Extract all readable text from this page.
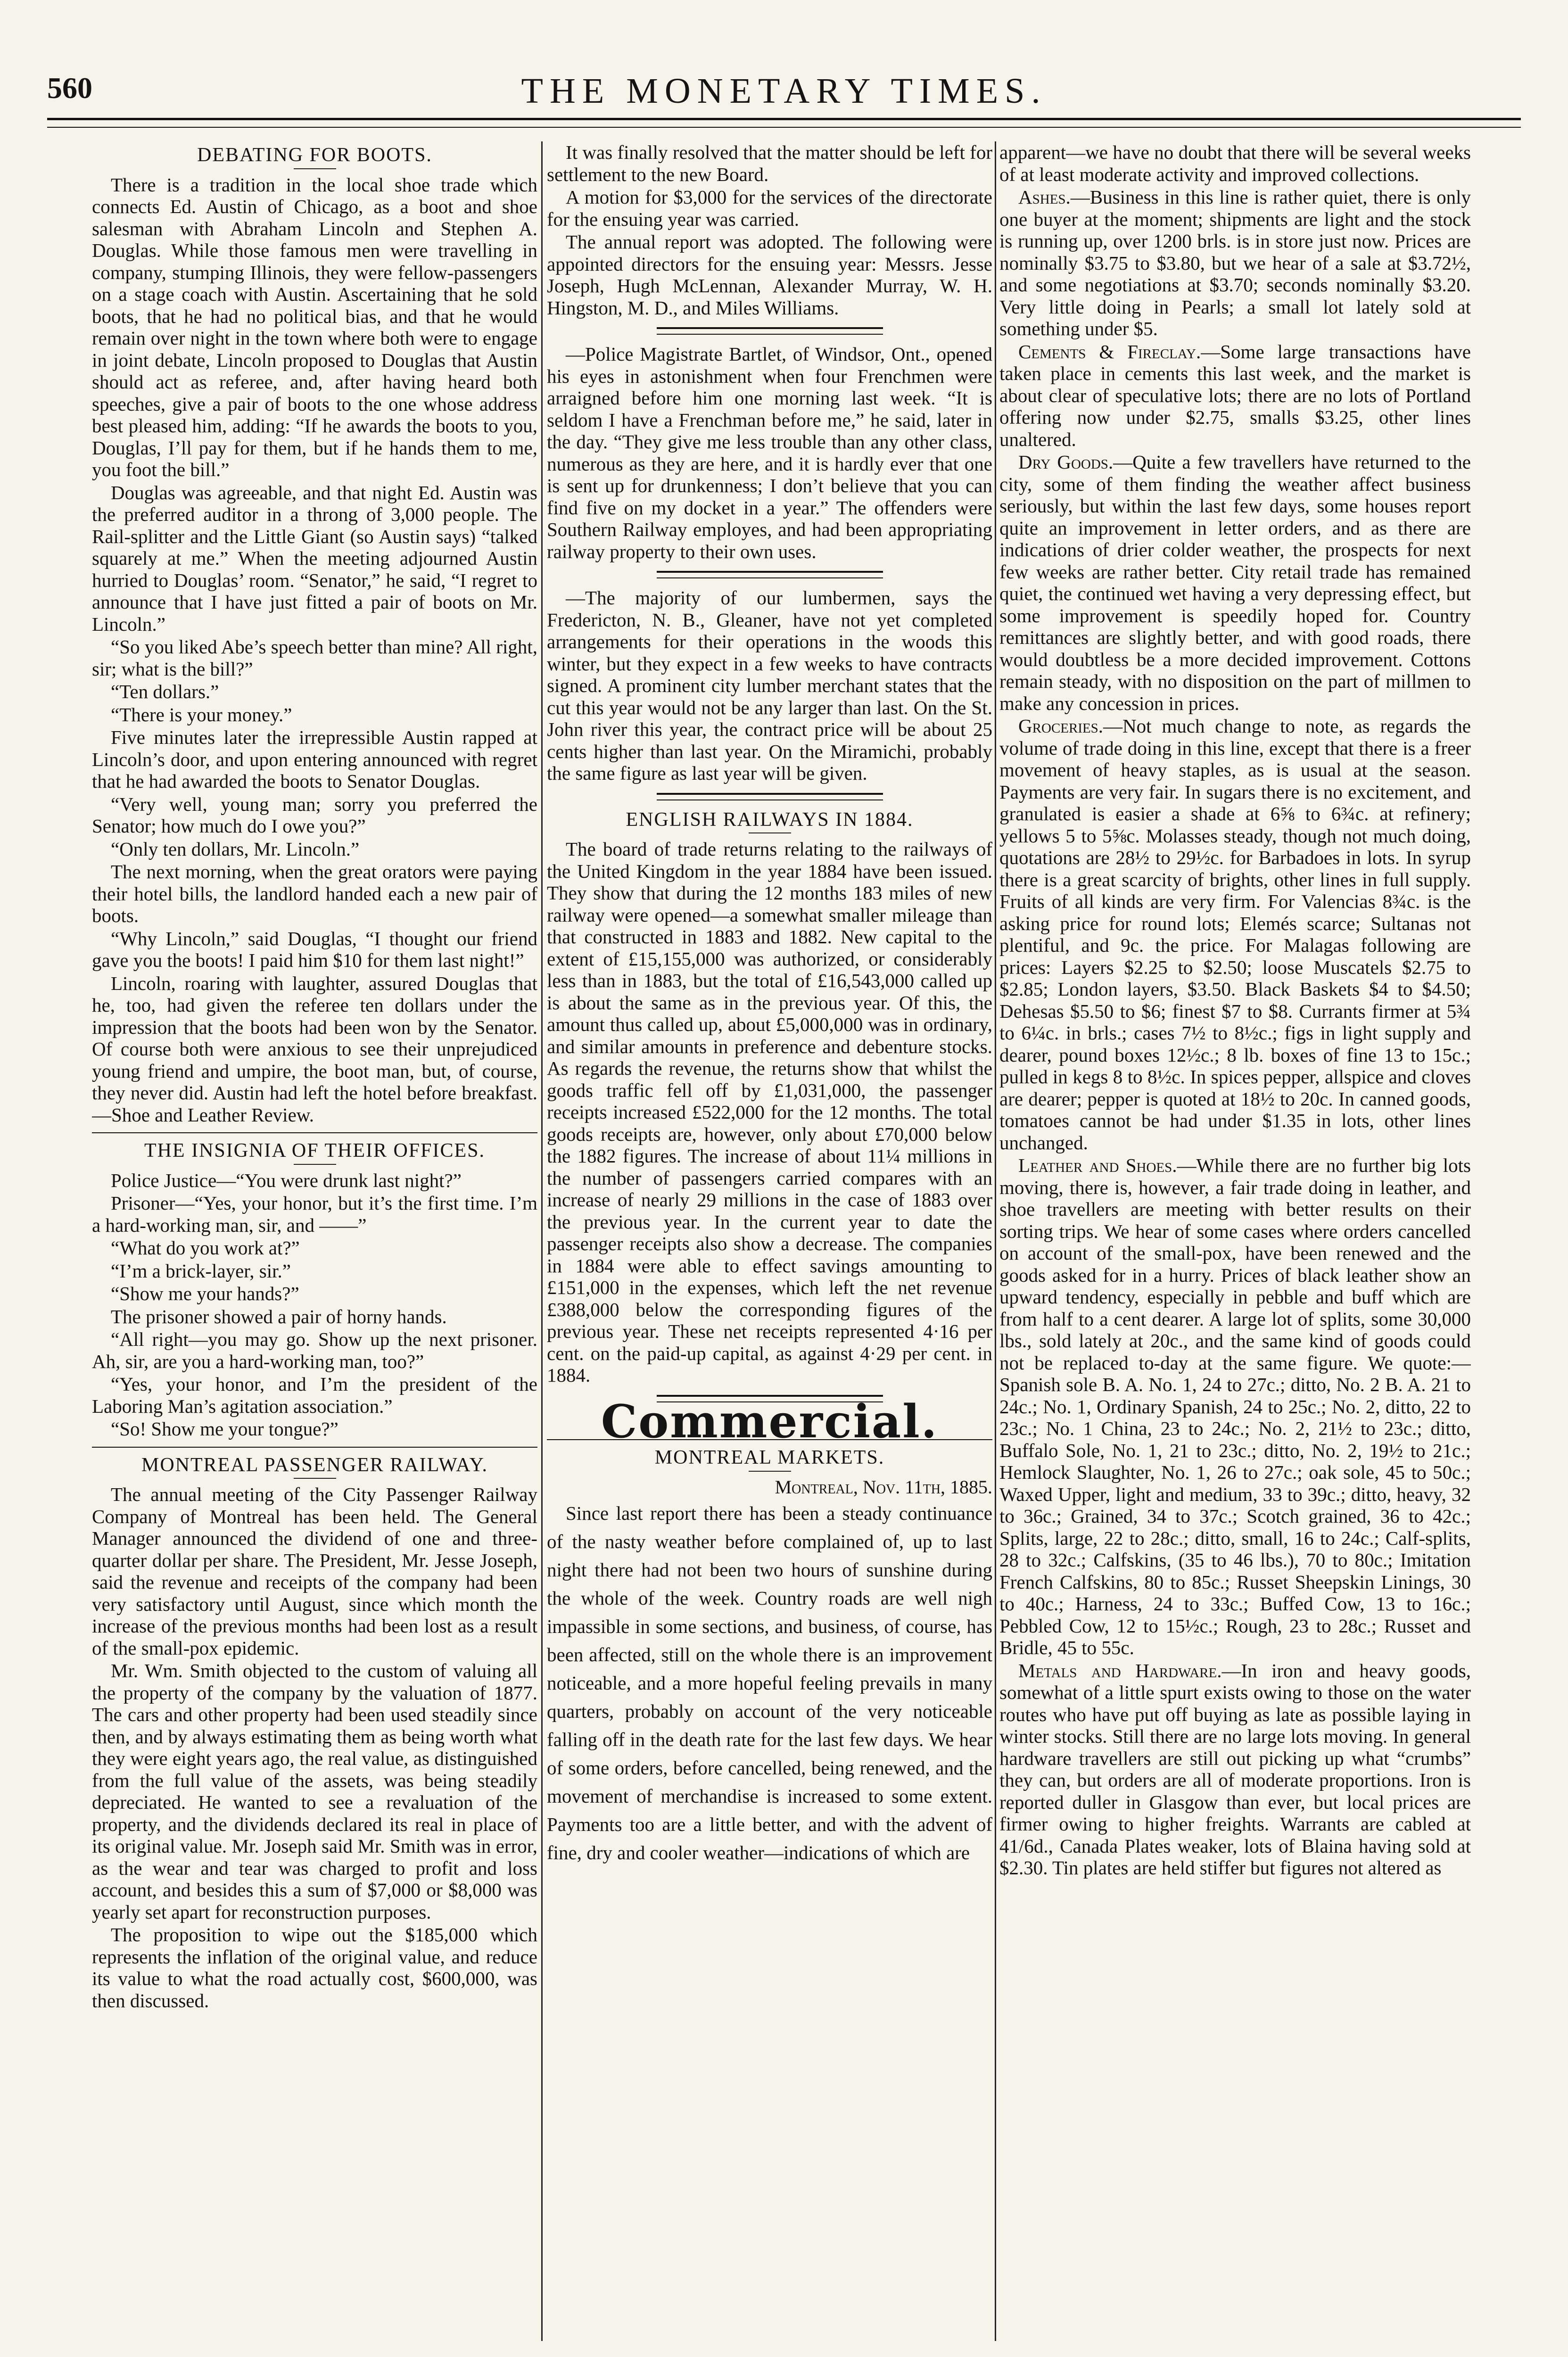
560	THE MONETARY TIMES.
DEBATING FOR BOOTS.

There is a tradition in the local shoe trade which connects Ed. Austin of Chicago, as a boot and shoe salesman with Abraham Lincoln and Stephen A. Douglas. While those famous men were travelling in company, stumping Illinois, they were fellow-passengers on a stage coach with Austin. Ascertaining that he sold boots, that he had no political bias, and that he would remain over night in the town where both were to engage in joint debate, Lincoln proposed to Douglas that Austin should act as referee, and, after having heard both speeches, give a pair of boots to the one whose address best pleased him, adding: “If he awards the boots to you, Douglas, I’ll pay for them, but if he hands them to me, you foot the bill.”

Douglas was agreeable, and that night Ed. Austin was the preferred auditor in a throng of 3,000 people. The Rail-splitter and the Little Giant (so Austin says) “talked squarely at me.” When the meeting adjourned Austin hurried to Douglas’ room. “Senator,” he said, “I regret to announce that I have just fitted a pair of boots on Mr. Lincoln.”

“So you liked Abe’s speech better than mine? All right, sir; what is the bill?”

“Ten dollars.”

“There is your money.”

Five minutes later the irrepressible Austin rapped at Lincoln’s door, and upon entering announced with regret that he had awarded the boots to Senator Douglas.

“Very well, young man; sorry you preferred the Senator; how much do I owe you?”

“Only ten dollars, Mr. Lincoln.”

The next morning, when the great orators were paying their hotel bills, the landlord handed each a new pair of boots.

“Why Lincoln,” said Douglas, “I thought our friend gave you the boots! I paid him $10 for them last night!”

Lincoln, roaring with laughter, assured Douglas that he, too, had given the referee ten dollars under the impression that the boots had been won by the Senator. Of course both were anxious to see their unprejudiced young friend and umpire, the boot man, but, of course, they never did. Austin had left the hotel before breakfast.—Shoe and Leather Review.

THE INSIGNIA OF THEIR OFFICES.

Police Justice—“You were drunk last night?”

Prisoner—“Yes, your honor, but it’s the first time. I’m a hard-working man, sir, and ——”

“What do you work at?”

“I’m a brick-layer, sir.”

“Show me your hands?”

The prisoner showed a pair of horny hands.

“All right—you may go. Show up the next prisoner. Ah, sir, are you a hard-working man, too?”

“Yes, your honor, and I’m the president of the Laboring Man’s agitation association.”

“So! Show me your tongue?”

MONTREAL PASSENGER RAILWAY.

The annual meeting of the City Passenger Railway Company of Montreal has been held. The General Manager announced the dividend of one and three-quarter dollar per share. The President, Mr. Jesse Joseph, said the revenue and receipts of the company had been very satisfactory until August, since which month the increase of the previous months had been lost as a result of the small-pox epidemic.

Mr. Wm. Smith objected to the custom of valuing all the property of the company by the valuation of 1877. The cars and other property had been used steadily since then, and by always estimating them as being worth what they were eight years ago, the real value, as distinguished from the full value of the assets, was being steadily depreciated. He wanted to see a revaluation of the property, and the dividends declared its real in place of its original value. Mr. Joseph said Mr. Smith was in error, as the wear and tear was charged to profit and loss account, and besides this a sum of $7,000 or $8,000 was yearly set apart for reconstruction purposes.

The proposition to wipe out the $185,000 which represents the inflation of the original value, and reduce its value to what the road actually cost, $600,000, was then discussed.

It was finally resolved that the matter should be left for settlement to the new Board.

A motion for $3,000 for the services of the directorate for the ensuing year was carried.

The annual report was adopted. The following were appointed directors for the ensuing year: Messrs. Jesse Joseph, Hugh McLennan, Alexander Murray, W. H. Hingston, M. D., and Miles Williams.

—Police Magistrate Bartlet, of Windsor, Ont., opened his eyes in astonishment when four Frenchmen were arraigned before him one morning last week. “It is seldom I have a Frenchman before me,” he said, later in the day. “They give me less trouble than any other class, numerous as they are here, and it is hardly ever that one is sent up for drunkenness; I don’t believe that you can find five on my docket in a year.” The offenders were Southern Railway employes, and had been appropriating railway property to their own uses.

—The majority of our lumbermen, says the Fredericton, N. B., Gleaner, have not yet completed arrangements for their operations in the woods this winter, but they expect in a few weeks to have contracts signed. A prominent city lumber merchant states that the cut this year would not be any larger than last. On the St. John river this year, the contract price will be about 25 cents higher than last year. On the Miramichi, probably the same figure as last year will be given.

ENGLISH RAILWAYS IN 1884.

The board of trade returns relating to the railways of the United Kingdom in the year 1884 have been issued. They show that during the 12 months 183 miles of new railway were opened—a somewhat smaller mileage than that constructed in 1883 and 1882. New capital to the extent of £15,155,000 was authorized, or considerably less than in 1883, but the total of £16,543,000 called up is about the same as in the previous year. Of this, the amount thus called up, about £5,000,000 was in ordinary, and similar amounts in preference and debenture stocks. As regards the revenue, the returns show that whilst the goods traffic fell off by £1,031,000, the passenger receipts increased £522,000 for the 12 months. The total goods receipts are, however, only about £70,000 below the 1882 figures. The increase of about 11¼ millions in the number of passengers carried compares with an increase of nearly 29 millions in the case of 1883 over the previous year. In the current year to date the passenger receipts also show a decrease. The companies in 1884 were able to effect savings amounting to £151,000 in the expenses, which left the net revenue £388,000 below the corresponding figures of the previous year. These net receipts represented 4·16 per cent. on the paid-up capital, as against 4·29 per cent. in 1884.

Commercial.
MONTREAL MARKETS.

Montreal, Nov. 11th, 1885.

Since last report there has been a steady continuance of the nasty weather before complained of, up to last night there had not been two hours of sunshine during the whole of the week. Country roads are well nigh impassible in some sections, and business, of course, has been affected, still on the whole there is an improvement noticeable, and a more hopeful feeling prevails in many quarters, probably on account of the very noticeable falling off in the death rate for the last few days. We hear of some orders, before cancelled, being renewed, and the movement of merchandise is increased to some extent. Payments too are a little better, and with the advent of fine, dry and cooler weather—indications of which are

apparent—we have no doubt that there will be several weeks of at least moderate activity and improved collections.

Ashes.—Business in this line is rather quiet, there is only one buyer at the moment; shipments are light and the stock is running up, over 1200 brls. is in store just now. Prices are nominally $3.75 to $3.80, but we hear of a sale at $3.72½, and some negotiations at $3.70; seconds nominally $3.20. Very little doing in Pearls; a small lot lately sold at something under $5.

Cements & Fireclay.—Some large transactions have taken place in cements this last week, and the market is about clear of speculative lots; there are no lots of Portland offering now under $2.75, smalls $3.25, other lines unaltered.

Dry Goods.—Quite a few travellers have returned to the city, some of them finding the weather affect business seriously, but within the last few days, some houses report quite an improvement in letter orders, and as there are indications of drier colder weather, the prospects for next few weeks are rather better. City retail trade has remained quiet, the continued wet having a very depressing effect, but some improvement is speedily hoped for. Country remittances are slightly better, and with good roads, there would doubtless be a more decided improvement. Cottons remain steady, with no disposition on the part of millmen to make any concession in prices.

Groceries.—Not much change to note, as regards the volume of trade doing in this line, except that there is a freer movement of heavy staples, as is usual at the season. Payments are very fair. In sugars there is no excitement, and granulated is easier a shade at 6⅝ to 6¾c. at refinery; yellows 5 to 5⅝c. Molasses steady, though not much doing, quotations are 28½ to 29½c. for Barbadoes in lots. In syrup there is a great scarcity of brights, other lines in full supply. Fruits of all kinds are very firm. For Valencias 8¾c. is the asking price for round lots; Elemés scarce; Sultanas not plentiful, and 9c. the price. For Malagas following are prices: Layers $2.25 to $2.50; loose Muscatels $2.75 to $2.85; London layers, $3.50. Black Baskets $4 to $4.50; Dehesas $5.50 to $6; finest $7 to $8. Currants firmer at 5¾ to 6¼c. in brls.; cases 7½ to 8½c.; figs in light supply and dearer, pound boxes 12½c.; 8 lb. boxes of fine 13 to 15c.; pulled in kegs 8 to 8½c. In spices pepper, allspice and cloves are dearer; pepper is quoted at 18½ to 20c. In canned goods, tomatoes cannot be had under $1.35 in lots, other lines unchanged.

Leather and Shoes.—While there are no further big lots moving, there is, however, a fair trade doing in leather, and shoe travellers are meeting with better results on their sorting trips. We hear of some cases where orders cancelled on account of the small-pox, have been renewed and the goods asked for in a hurry. Prices of black leather show an upward tendency, especially in pebble and buff which are from half to a cent dearer. A large lot of splits, some 30,000 lbs., sold lately at 20c., and the same kind of goods could not be replaced to-day at the same figure. We quote:—Spanish sole B. A. No. 1, 24 to 27c.; ditto, No. 2 B. A. 21 to 24c.; No. 1, Ordinary Spanish, 24 to 25c.; No. 2, ditto, 22 to 23c.; No. 1 China, 23 to 24c.; No. 2, 21½ to 23c.; ditto, Buffalo Sole, No. 1, 21 to 23c.; ditto, No. 2, 19½ to 21c.; Hemlock Slaughter, No. 1, 26 to 27c.; oak sole, 45 to 50c.; Waxed Upper, light and medium, 33 to 39c.; ditto, heavy, 32 to 36c.; Grained, 34 to 37c.; Scotch grained, 36 to 42c.; Splits, large, 22 to 28c.; ditto, small, 16 to 24c.; Calf-splits, 28 to 32c.; Calfskins, (35 to 46 lbs.), 70 to 80c.; Imitation French Calfskins, 80 to 85c.; Russet Sheepskin Linings, 30 to 40c.; Harness, 24 to 33c.; Buffed Cow, 13 to 16c.; Pebbled Cow, 12 to 15½c.; Rough, 23 to 28c.; Russet and Bridle, 45 to 55c.

Metals and Hardware.—In iron and heavy goods, somewhat of a little spurt exists owing to those on the water routes who have put off buying as late as possible laying in winter stocks. Still there are no large lots moving. In general hardware travellers are still out picking up what “crumbs” they can, but orders are all of moderate proportions. Iron is reported duller in Glasgow than ever, but local prices are firmer owing to higher freights. Warrants are cabled at 41/6d., Canada Plates weaker, lots of Blaina having sold at $2.30. Tin plates are held stiffer but figures not altered as
